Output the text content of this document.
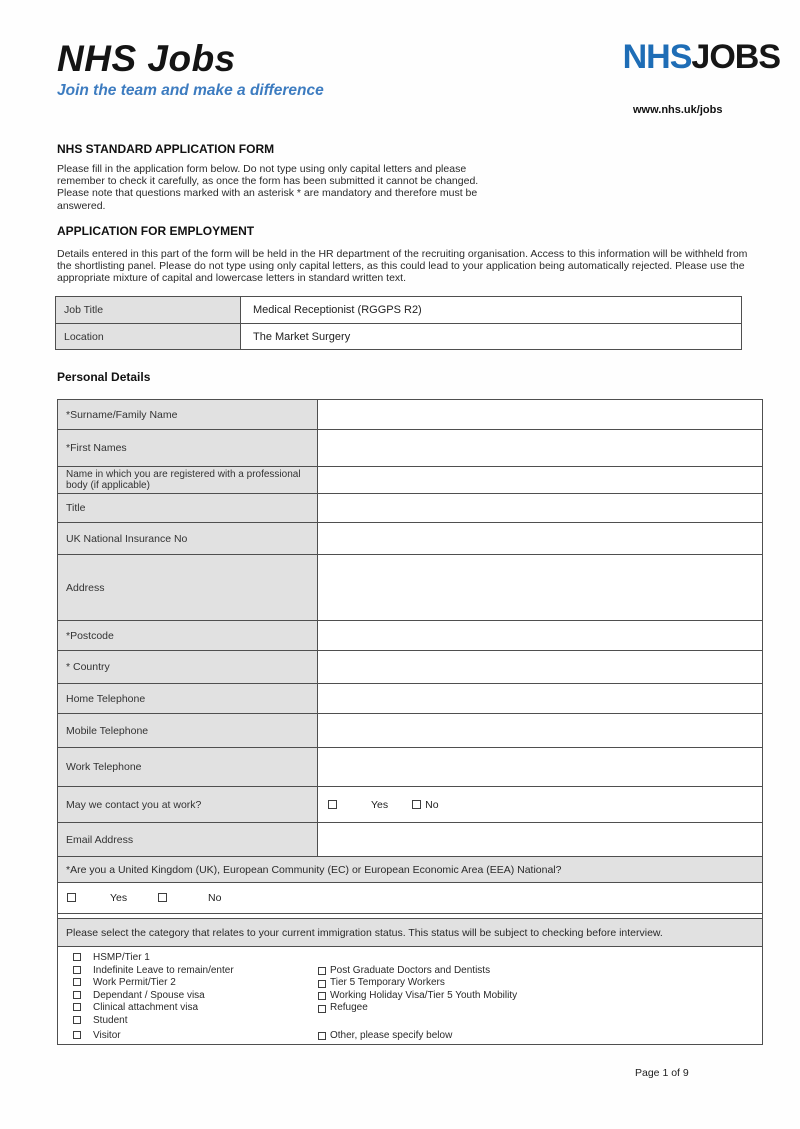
NHS Jobs
Join the team and make a difference
NHSJOBS
www.nhs.uk/jobs
NHS STANDARD APPLICATION FORM
Please fill in the application form below. Do not type using only capital letters and please remember to check it carefully, as once the form has been submitted it cannot be changed. Please note that questions marked with an asterisk * are mandatory and therefore must be answered.
APPLICATION FOR EMPLOYMENT
Details entered in this part of the form will be held in the HR department of the recruiting organisation. Access to this information will be withheld from the shortlisting panel. Please do not type using only capital letters, as this could lead to your application being automatically rejected. Please use the appropriate mixture of capital and lowercase letters in standard written text.
Job Title	Medical Receptionist (RGGPS R2)
Location	The Market Surgery
Personal Details
*Surname/Family Name
*First Names
Name in which you are registered with a professional body (if applicable)
Title
UK National Insurance No
Address
*Postcode
* Country
Home Telephone
Mobile Telephone
Work Telephone
May we contact you at work?	Yes	No
Email Address
*Are you a United Kingdom (UK), European Community (EC) or European Economic Area (EEA) National?
Yes	No
Please select the category that relates to your current immigration status. This status will be subject to checking before interview.
HSMP/Tier 1
Indefinite Leave to remain/enter	Post Graduate Doctors and Dentists
Work Permit/Tier 2	Tier 5 Temporary Workers
Dependant / Spouse visa	Working Holiday Visa/Tier 5 Youth Mobility
Clinical attachment visa	Refugee
Student
Visitor	Other, please specify below
Page 1 of 9
